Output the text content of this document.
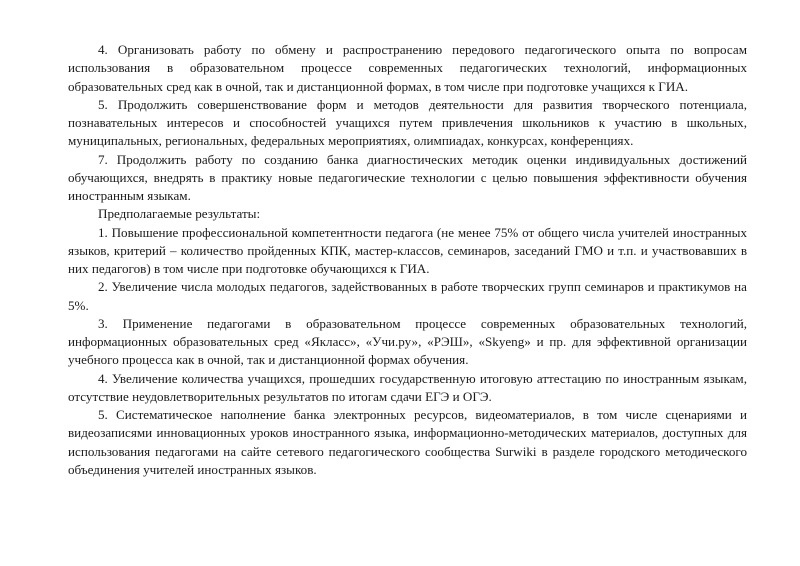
4. Организовать работу по обмену и распространению передового педагогического опыта по вопросам использования в образовательном процессе современных педагогических технологий, информационных образовательных сред как в очной, так и дистанционной формах, в том числе при подготовке учащихся к ГИА.

5. Продолжить совершенствование форм и методов деятельности для развития творческого потенциала, познавательных интересов и способностей учащихся путем привлечения школьников к участию в школьных, муниципальных, региональных, федеральных мероприятиях, олимпиадах, конкурсах, конференциях.

7. Продолжить работу по созданию банка диагностических методик оценки индивидуальных достижений обучающихся, внедрять в практику новые педагогические технологии с целью повышения эффективности обучения иностранным языкам.

Предполагаемые результаты:

1. Повышение профессиональной компетентности педагога (не менее 75% от общего числа учителей иностранных языков, критерий – количество пройденных КПК, мастер-классов, семинаров, заседаний ГМО и т.п. и участвовавших в них педагогов) в том числе при подготовке обучающихся к ГИА.

2. Увеличение числа молодых педагогов, задействованных в работе творческих групп семинаров и практикумов на 5%.

3. Применение педагогами в образовательном процессе современных образовательных технологий, информационных образовательных сред «Якласс», «Учи.ру», «РЭШ», «Skyeng» и пр. для эффективной организации учебного процесса как в очной, так и дистанционной формах обучения.

4. Увеличение количества учащихся, прошедших государственную итоговую аттестацию по иностранным языкам, отсутствие неудовлетворительных результатов по итогам сдачи ЕГЭ и ОГЭ.

5. Систематическое наполнение банка электронных ресурсов, видеоматериалов, в том числе сценариями и видеозаписями инновационных уроков иностранного языка, информационно-методических материалов, доступных для использования педагогами на сайте сетевого педагогического сообщества Surwiki в разделе городского методического объединения учителей иностранных языков.
